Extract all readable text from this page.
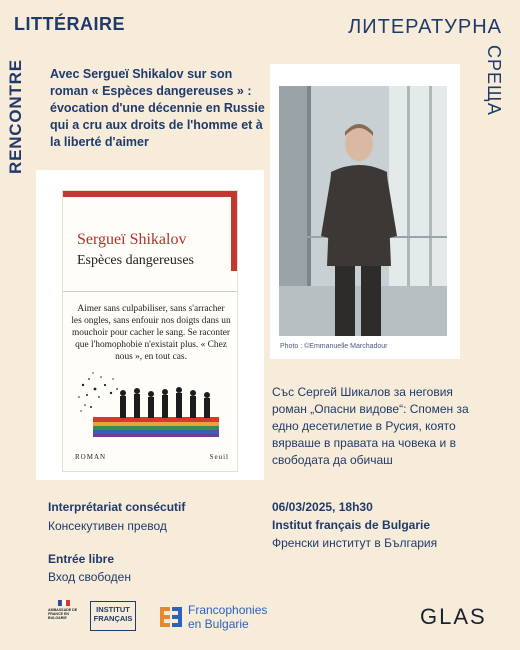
LITTÉRAIRE
RENCONTRE
ЛИТЕРАТУРНА
СРЕЩА
Avec Sergueï Shikalov sur son roman « Espèces dangereuses » : évocation d'une décennie en Russie qui a cru aux droits de l'homme et à la liberté d'aimer
Sergueï Shikalov
Espèces dangereuses
Aimer sans culpabiliser, sans s'arracher les ongles, sans enfouir nos doigts dans un mouchoir pour cacher le sang. Se raconter que l'homophobie n'existait plus. « Chez nous », en tout cas.
ROMAN	Seuil
Photo : ©Emmanuelle Marchadour
Със Сергей Шикалов за неговия роман „Опасни видове“: Спомен за едно десетилетие в Русия, която вярваше в правата на човека и в свободата да обичаш
Interprétariat consécutif
Консекутивен превод
Entrée libre
Вход свободен
06/03/2025, 18h30
Institut français de Bulgarie
Френски институт в България
AMBASSADE DE FRANCE EN BULGARIE
INSTITUT
FRANÇAIS
Francophonies
en Bulgarie	GLAS
